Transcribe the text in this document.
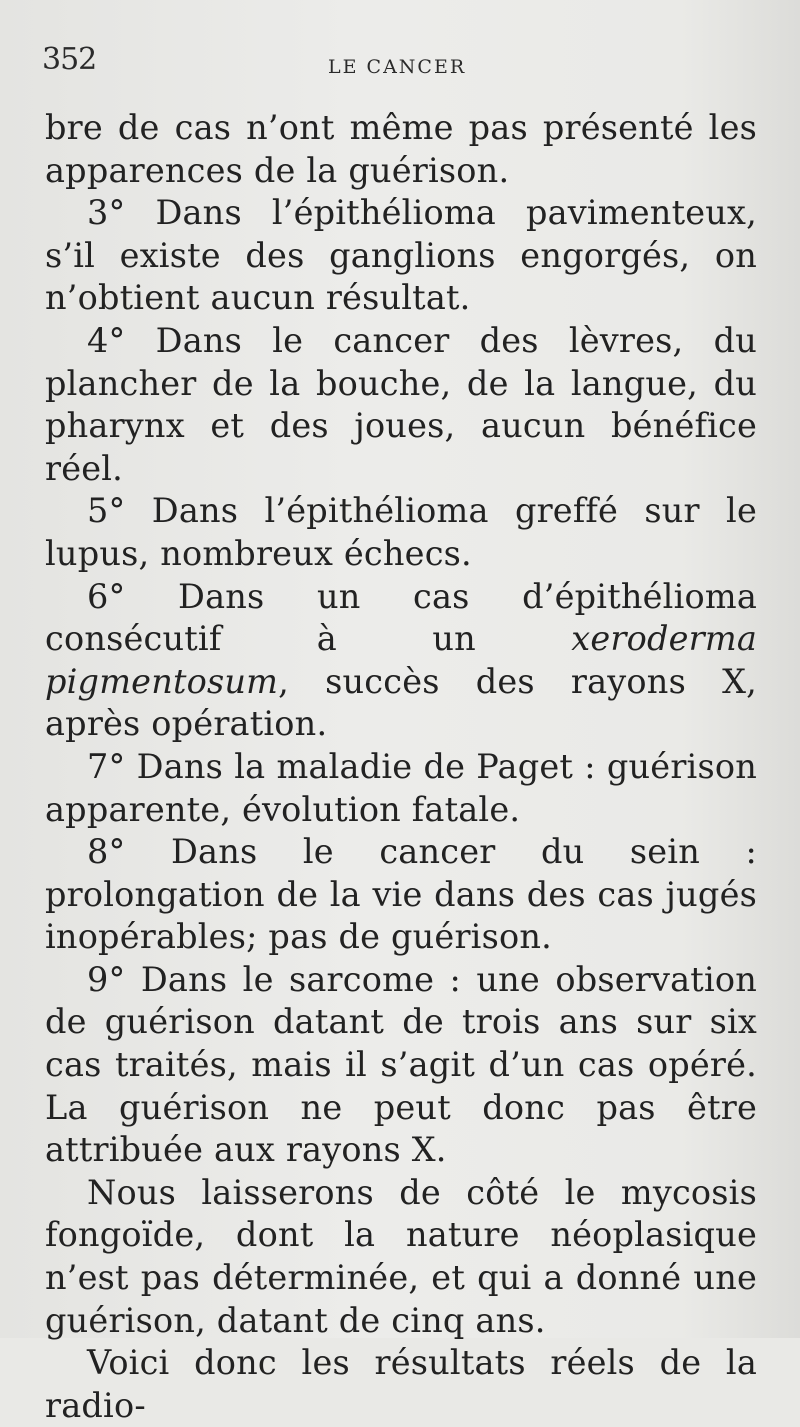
352	LE CANCER

bre de cas n’ont même pas présenté les apparences de la guérison.

3° Dans l’épithélioma pavimenteux, s’il existe des ganglions engorgés, on n’obtient aucun résultat.

4° Dans le cancer des lèvres, du plancher de la bouche, de la langue, du pharynx et des joues, aucun bénéfice réel.

5° Dans l’épithélioma greffé sur le lupus, nombreux échecs.

6° Dans un cas d’épithélioma consécutif à un xeroderma pigmentosum, succès des rayons X, après opération.

7° Dans la maladie de Paget : guérison apparente, évolution fatale.

8° Dans le cancer du sein : prolongation de la vie dans des cas jugés inopérables; pas de guérison.

9° Dans le sarcome : une observation de guérison datant de trois ans sur six cas traités, mais il s’agit d’un cas opéré. La guérison ne peut donc pas être attribuée aux rayons X.

Nous laisserons de côté le mycosis fongoïde, dont la nature néoplasique n’est pas déterminée, et qui a donné une guérison, datant de cinq ans.

Voici donc les résultats réels de la radio-
